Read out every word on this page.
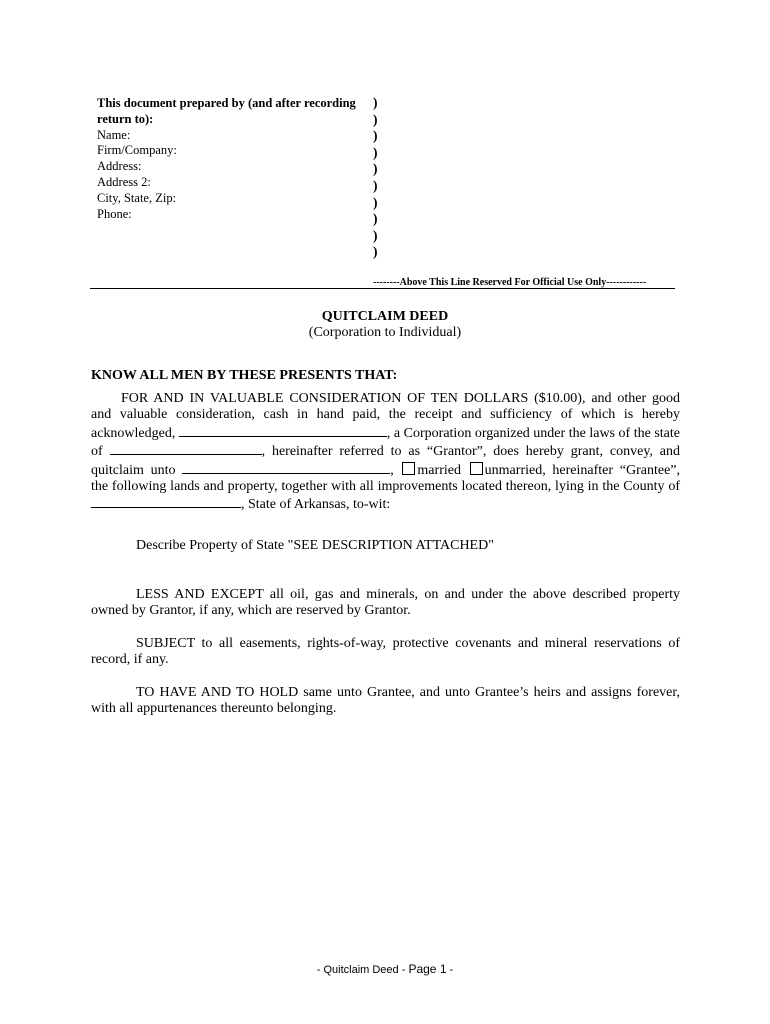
This document prepared by (and after recording
return to):
Name:
Firm/Company:
Address:
Address 2:
City, State, Zip:
Phone:
)
)
)
)
)
)
)
)
)
)
--------Above This Line Reserved For Official Use Only------------
QUITCLAIM DEED
(Corporation to Individual)
KNOW ALL MEN BY THESE PRESENTS THAT:
FOR AND IN VALUABLE CONSIDERATION OF TEN DOLLARS ($10.00), and other good
and valuable consideration, cash in hand paid, the receipt and sufficiency of which is hereby
acknowledged,	, a Corporation organized under the laws of the state
of	, hereinafter referred to as “Grantor”, does hereby grant, convey, and
quitclaim unto	, married unmarried, hereinafter “Grantee”,
the following lands and property, together with all improvements located thereon, lying in the County of
, State of Arkansas, to-wit:
Describe Property of State "SEE DESCRIPTION ATTACHED"
LESS AND EXCEPT all oil, gas and minerals, on and under the above described property owned by Grantor, if any, which are reserved by Grantor.
SUBJECT to all easements, rights-of-way, protective covenants and mineral reservations of record, if any.
TO HAVE AND TO HOLD same unto Grantee, and unto Grantee’s heirs and assigns forever, with all appurtenances thereunto belonging.
- Quitclaim Deed - Page 1 -
